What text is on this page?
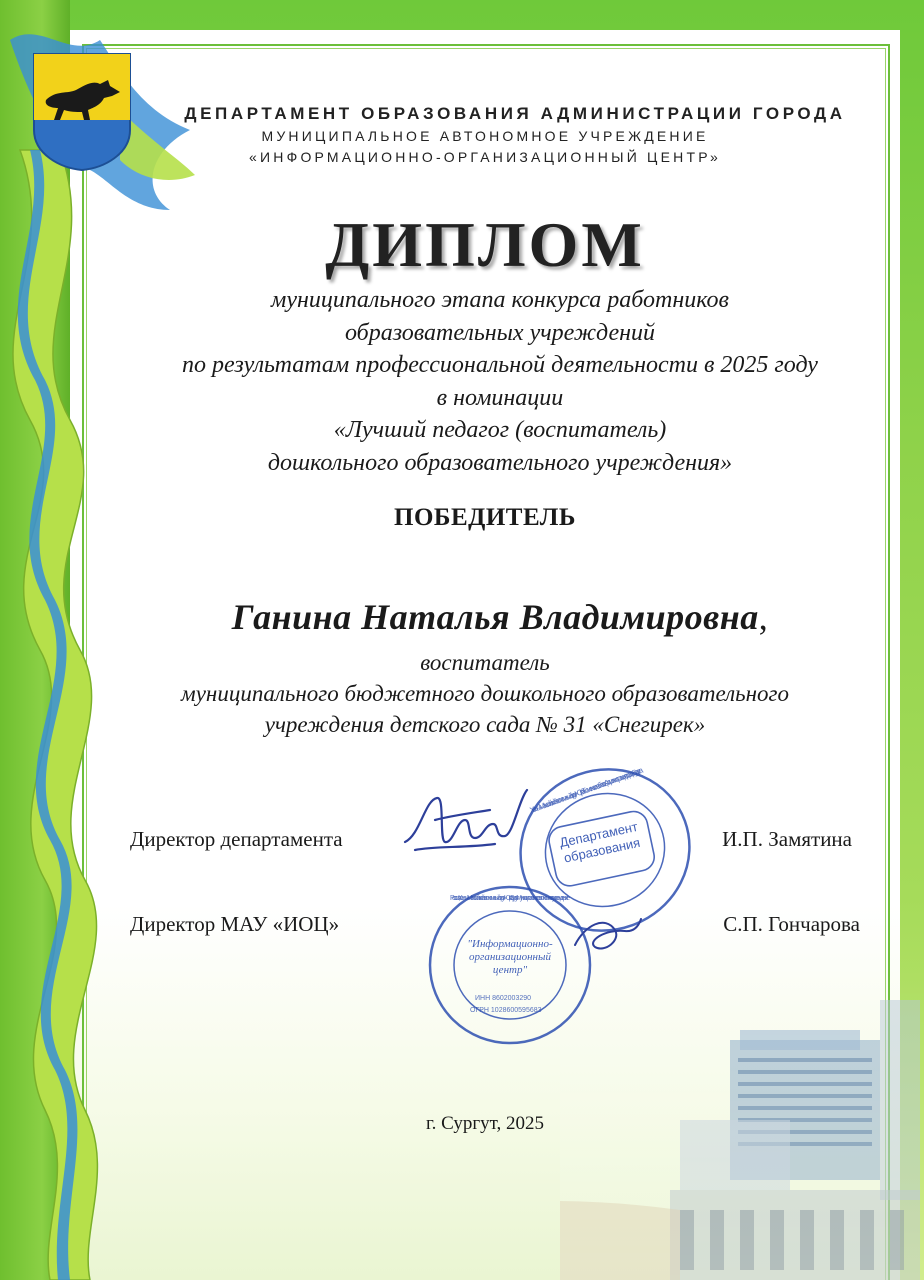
ДЕПАРТАМЕНТ ОБРАЗОВАНИЯ АДМИНИСТРАЦИИ ГОРОДА
МУНИЦИПАЛЬНОЕ АВТОНОМНОЕ УЧРЕЖДЕНИЕ
«ИНФОРМАЦИОННО-ОРГАНИЗАЦИОННЫЙ ЦЕНТР»
ДИПЛОМ
муниципального этапа конкурса работников
образовательных учреждений
по результатам профессиональной деятельности в 2025 году
в номинации
«Лучший педагог (воспитатель)
дошкольного образовательного учреждения»
ПОБЕДИТЕЛЬ
Ганина Наталья Владимировна,
воспитатель
муниципального бюджетного дошкольного образовательного
учреждения детского сада № 31 «Снегирек»
Ханты-Мансийский автономный округ – Югра · Тюменская область · Администрация города Сургута
Департамент образования
"Информационно-организационный центр"
Россия, Ханты-Мансийский автономный округ – Югра, г. Сургут · Муниципальное автономное учреждение
ИНН 8602003290
ОГРН 1028600595683
Директор департамента	И.П. Замятина
Директор МАУ «ИОЦ»	С.П. Гончарова
г. Сургут, 2025
